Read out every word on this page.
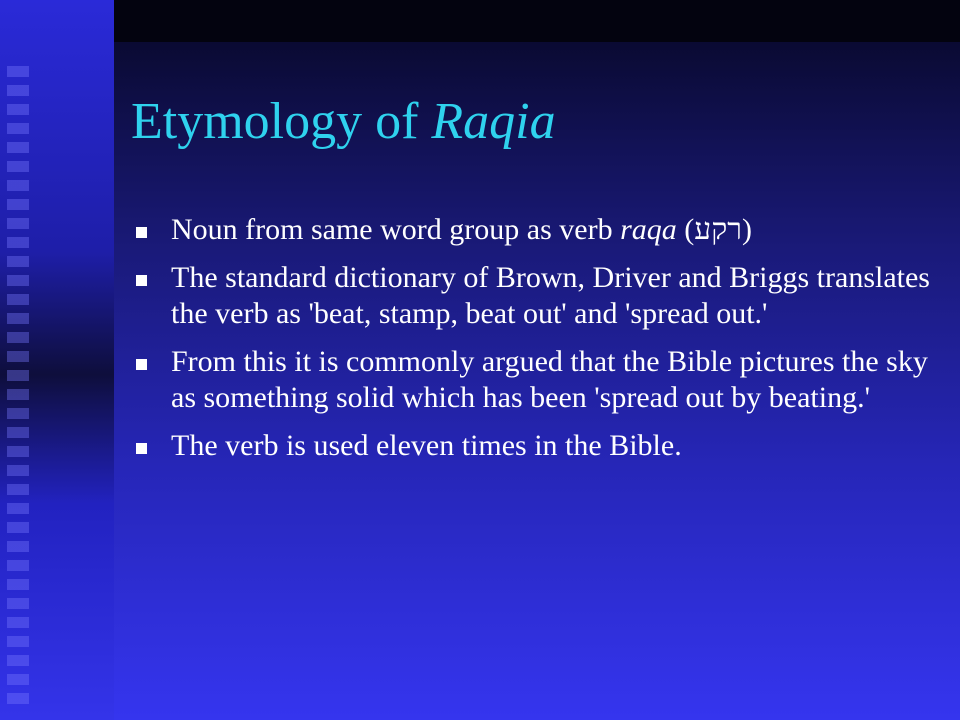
Etymology of Raqia
Noun from same word group as verb raqa (רקע)
The standard dictionary of Brown, Driver and Briggs translates the verb as 'beat, stamp, beat out' and 'spread out.'
From this it is commonly argued that the Bible pictures the sky as something solid which has been 'spread out by beating.'
The verb is used eleven times in the Bible.
